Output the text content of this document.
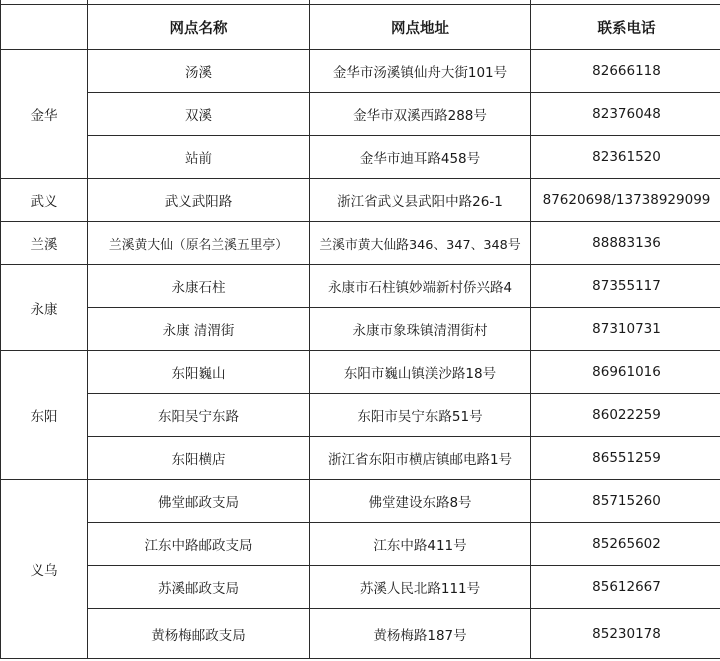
	网点名称	网点地址	联系电话
金华	汤溪	金华市汤溪镇仙舟大街101号	82666118
	双溪	金华市双溪西路288号	82376048
	站前	金华市迪耳路458号	82361520
武义	武义武阳路	浙江省武义县武阳中路26-1	87620698/13738929099
兰溪	兰溪黄大仙（原名兰溪五里亭）	兰溪市黄大仙路346、347、348号	88883136
永康	永康石柱	永康市石柱镇妙端新村侨兴路4	87355117
	永康 清渭街	永康市象珠镇清渭街村	87310731
东阳	东阳巍山	东阳市巍山镇渼沙路18号	86961016
	东阳吴宁东路	东阳市吴宁东路51号	86022259
	东阳横店	浙江省东阳市横店镇邮电路1号	86551259
义乌	佛堂邮政支局	佛堂建设东路8号	85715260
	江东中路邮政支局	江东中路411号	85265602
	苏溪邮政支局	苏溪人民北路111号	85612667
	黄杨梅邮政支局	黄杨梅路187号	85230178
